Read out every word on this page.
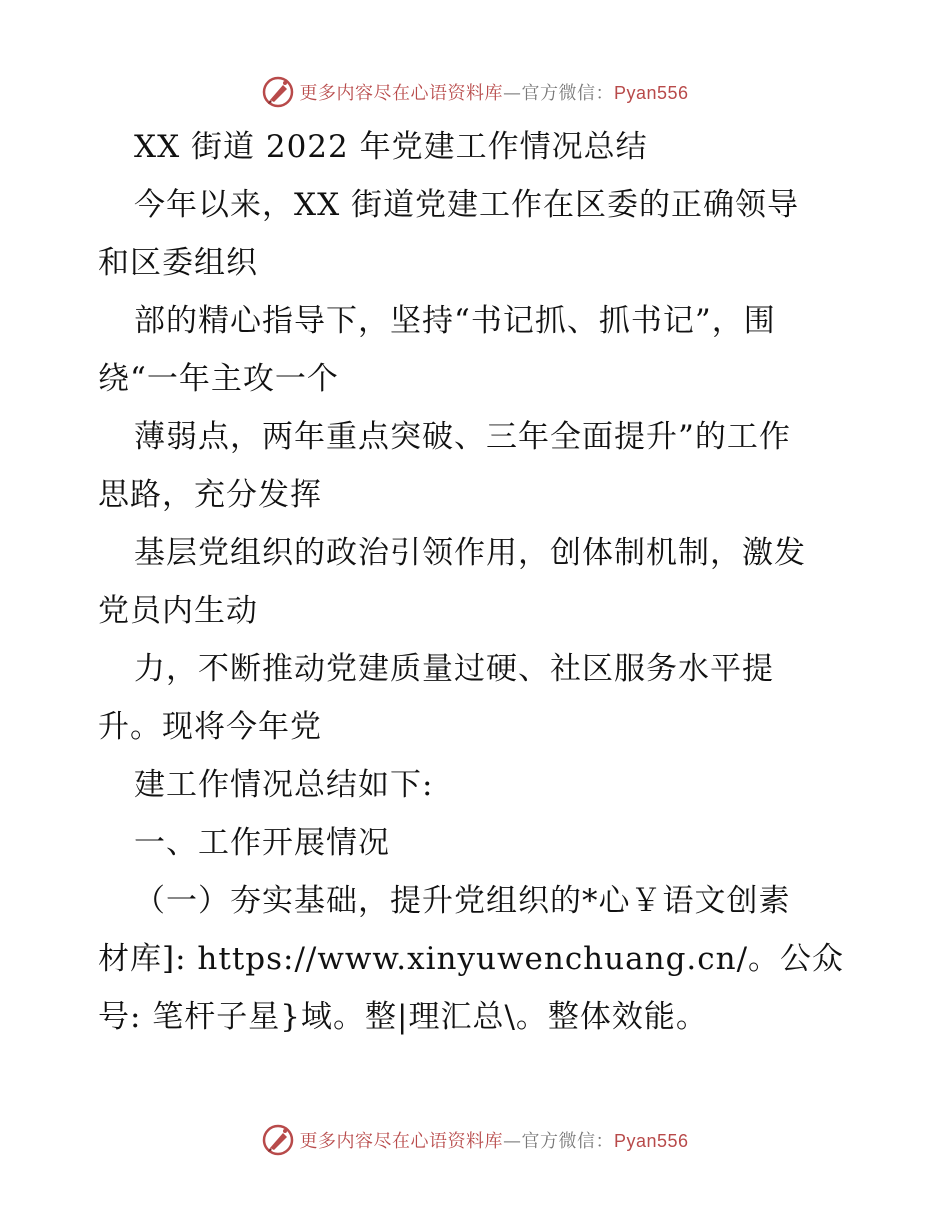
更多内容尽在心语资料库—官方微信：Pyan556
XX 街道 2022 年党建工作情况总结
今年以来，XX 街道党建工作在区委的正确领导
和区委组织
部的精心指导下，坚持“书记抓、抓书记”，围
绕“一年主攻一个
薄弱点，两年重点突破、三年全面提升”的工作
思路，充分发挥
基层党组织的政治引领作用，创体制机制，激发
党员内生动
力，不断推动党建质量过硬、社区服务水平提
升。现将今年党
建工作情况总结如下:
一、工作开展情况
（一）夯实基础，提升党组织的*心￥语文创素
材库]: https://www.xinyuwenchuang.cn/。公众
号: 笔杆子星}域。整|理汇总\。整体效能。
更多内容尽在心语资料库—官方微信：Pyan556
